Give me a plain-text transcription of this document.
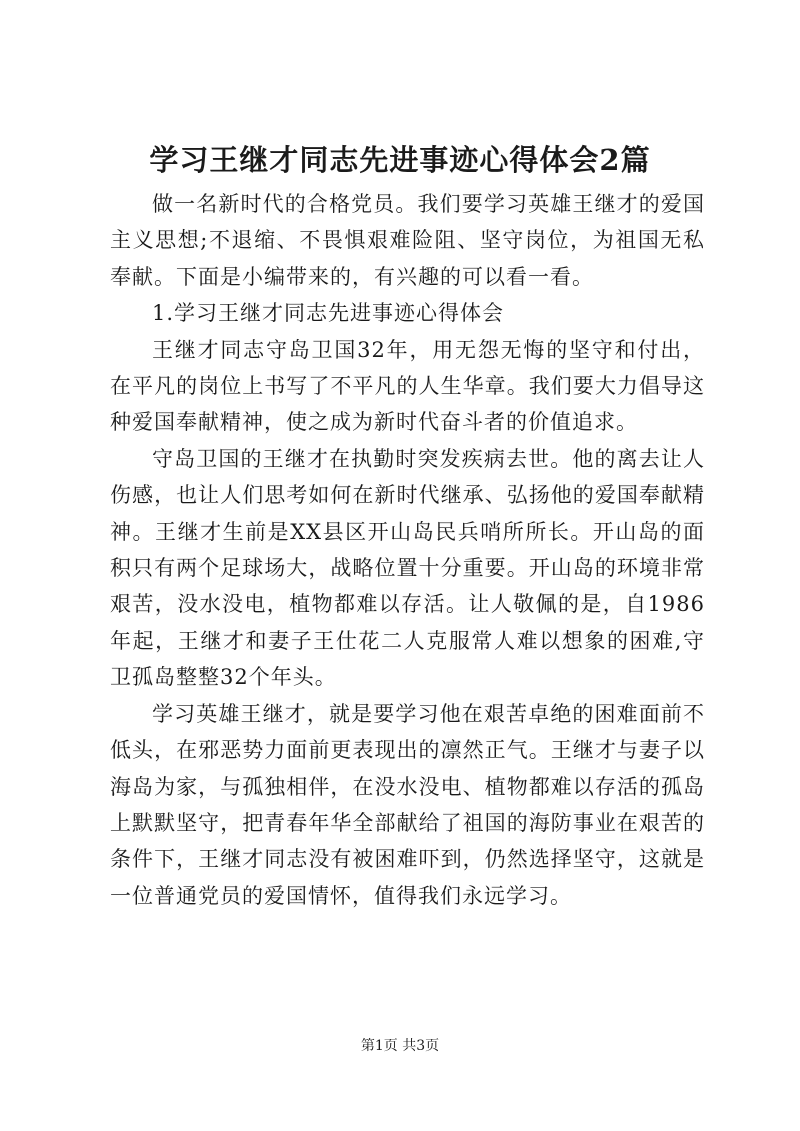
学习王继才同志先进事迹心得体会2篇

做一名新时代的合格党员。我们要学习英雄王继才的爱国主义思想;不退缩、不畏惧艰难险阻、坚守岗位，为祖国无私奉献。下面是小编带来的，有兴趣的可以看一看。

1.学习王继才同志先进事迹心得体会

王继才同志守岛卫国32年，用无怨无悔的坚守和付出，在平凡的岗位上书写了不平凡的人生华章。我们要大力倡导这种爱国奉献精神，使之成为新时代奋斗者的价值追求。

守岛卫国的王继才在执勤时突发疾病去世。他的离去让人伤感，也让人们思考如何在新时代继承、弘扬他的爱国奉献精神。王继才生前是XX县区开山岛民兵哨所所长。开山岛的面积只有两个足球场大，战略位置十分重要。开山岛的环境非常艰苦，没水没电，植物都难以存活。让人敬佩的是，自1986年起，王继才和妻子王仕花二人克服常人难以想象的困难,守卫孤岛整整32个年头。

学习英雄王继才，就是要学习他在艰苦卓绝的困难面前不低头，在邪恶势力面前更表现出的凛然正气。王继才与妻子以海岛为家，与孤独相伴，在没水没电、植物都难以存活的孤岛上默默坚守，把青春年华全部献给了祖国的海防事业在艰苦的条件下，王继才同志没有被困难吓到，仍然选择坚守，这就是一位普通党员的爱国情怀，值得我们永远学习。

第1页 共3页
